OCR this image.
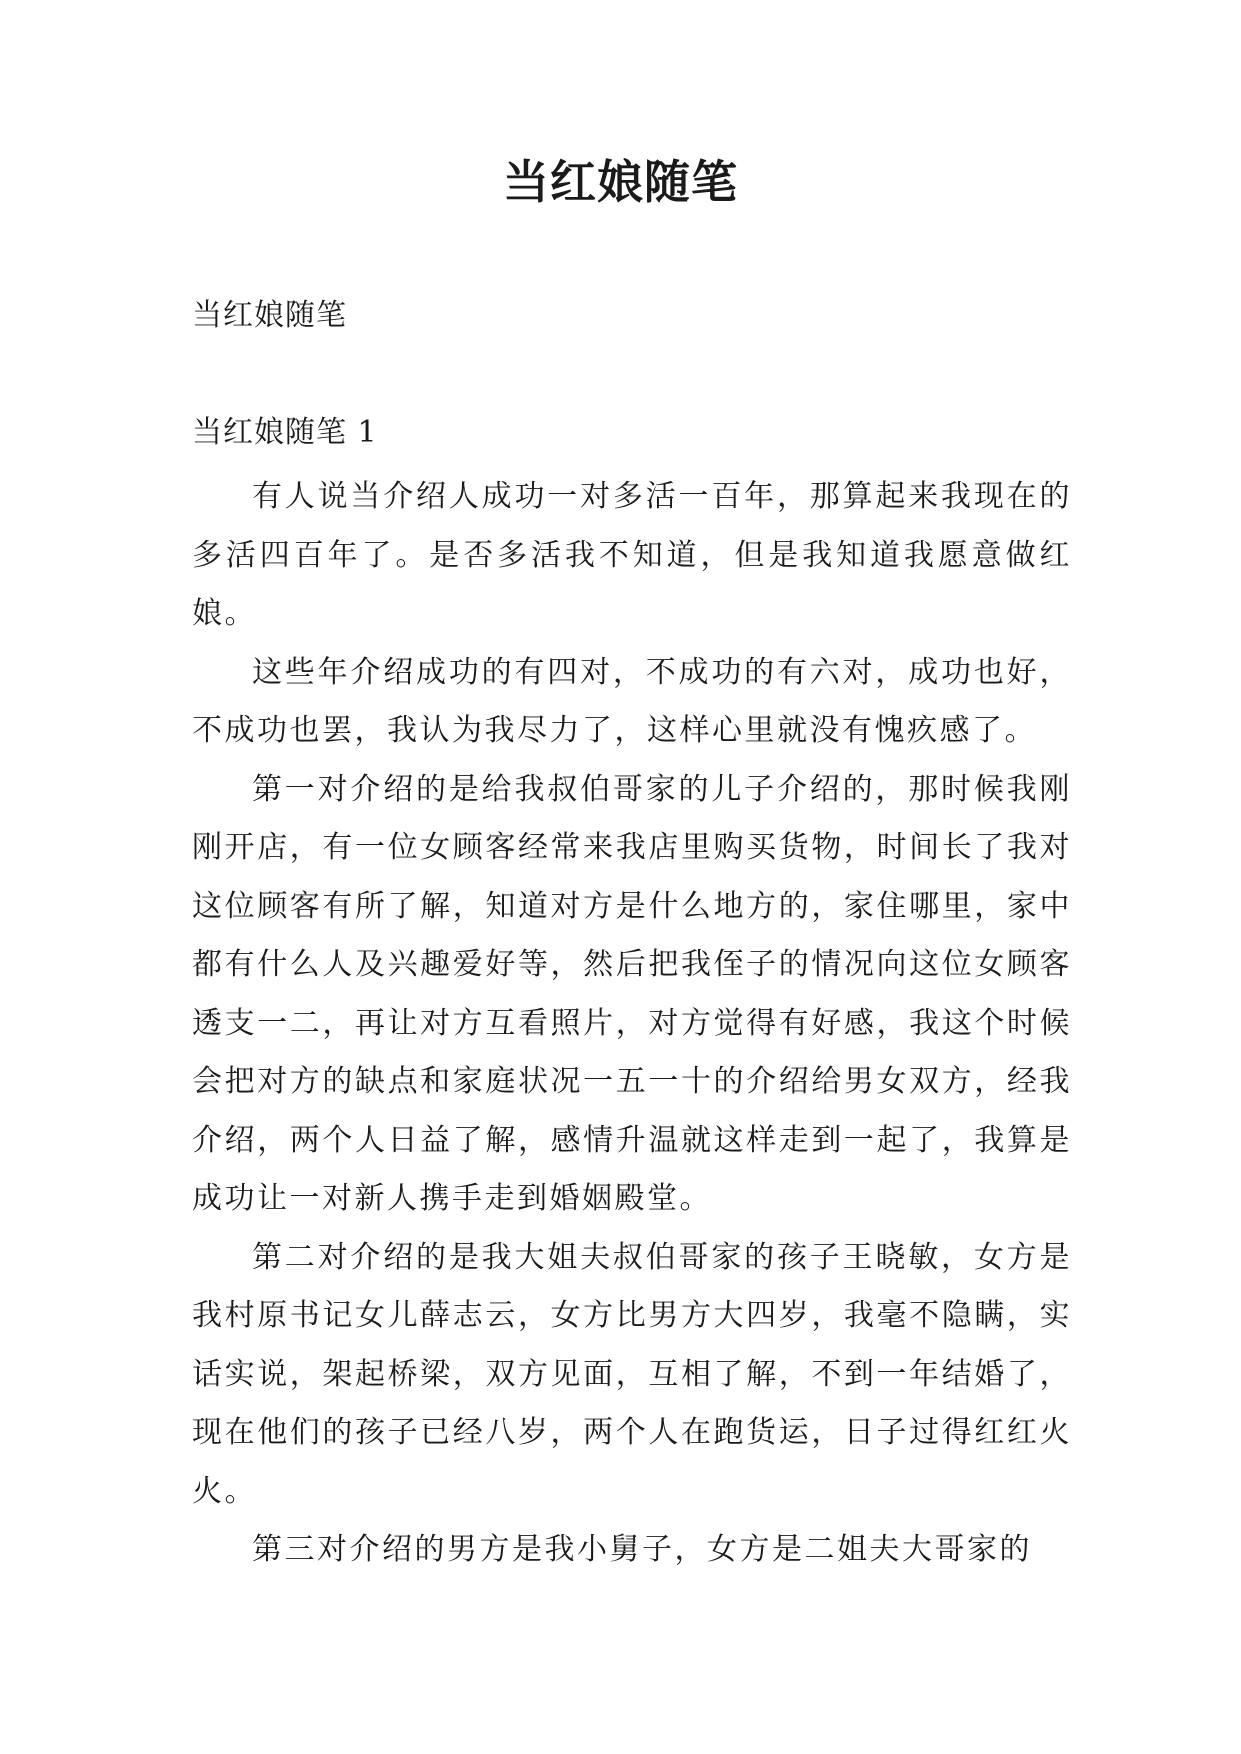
当红娘随笔
当红娘随笔
当红娘随笔 1

有人说当介绍人成功一对多活一百年，那算起来我现在的多活四百年了。是否多活我不知道，但是我知道我愿意做红娘。

这些年介绍成功的有四对，不成功的有六对，成功也好，不成功也罢，我认为我尽力了，这样心里就没有愧疚感了。

第一对介绍的是给我叔伯哥家的儿子介绍的，那时候我刚刚开店，有一位女顾客经常来我店里购买货物，时间长了我对这位顾客有所了解，知道对方是什么地方的，家住哪里，家中都有什么人及兴趣爱好等，然后把我侄子的情况向这位女顾客透支一二，再让对方互看照片，对方觉得有好感，我这个时候会把对方的缺点和家庭状况一五一十的介绍给男女双方，经我介绍，两个人日益了解，感情升温就这样走到一起了，我算是成功让一对新人携手走到婚姻殿堂。

第二对介绍的是我大姐夫叔伯哥家的孩子王晓敏，女方是我村原书记女儿薛志云，女方比男方大四岁，我毫不隐瞒，实话实说，架起桥梁，双方见面，互相了解，不到一年结婚了，现在他们的孩子已经八岁，两个人在跑货运，日子过得红红火火。

第三对介绍的男方是我小舅子，女方是二姐夫大哥家的
